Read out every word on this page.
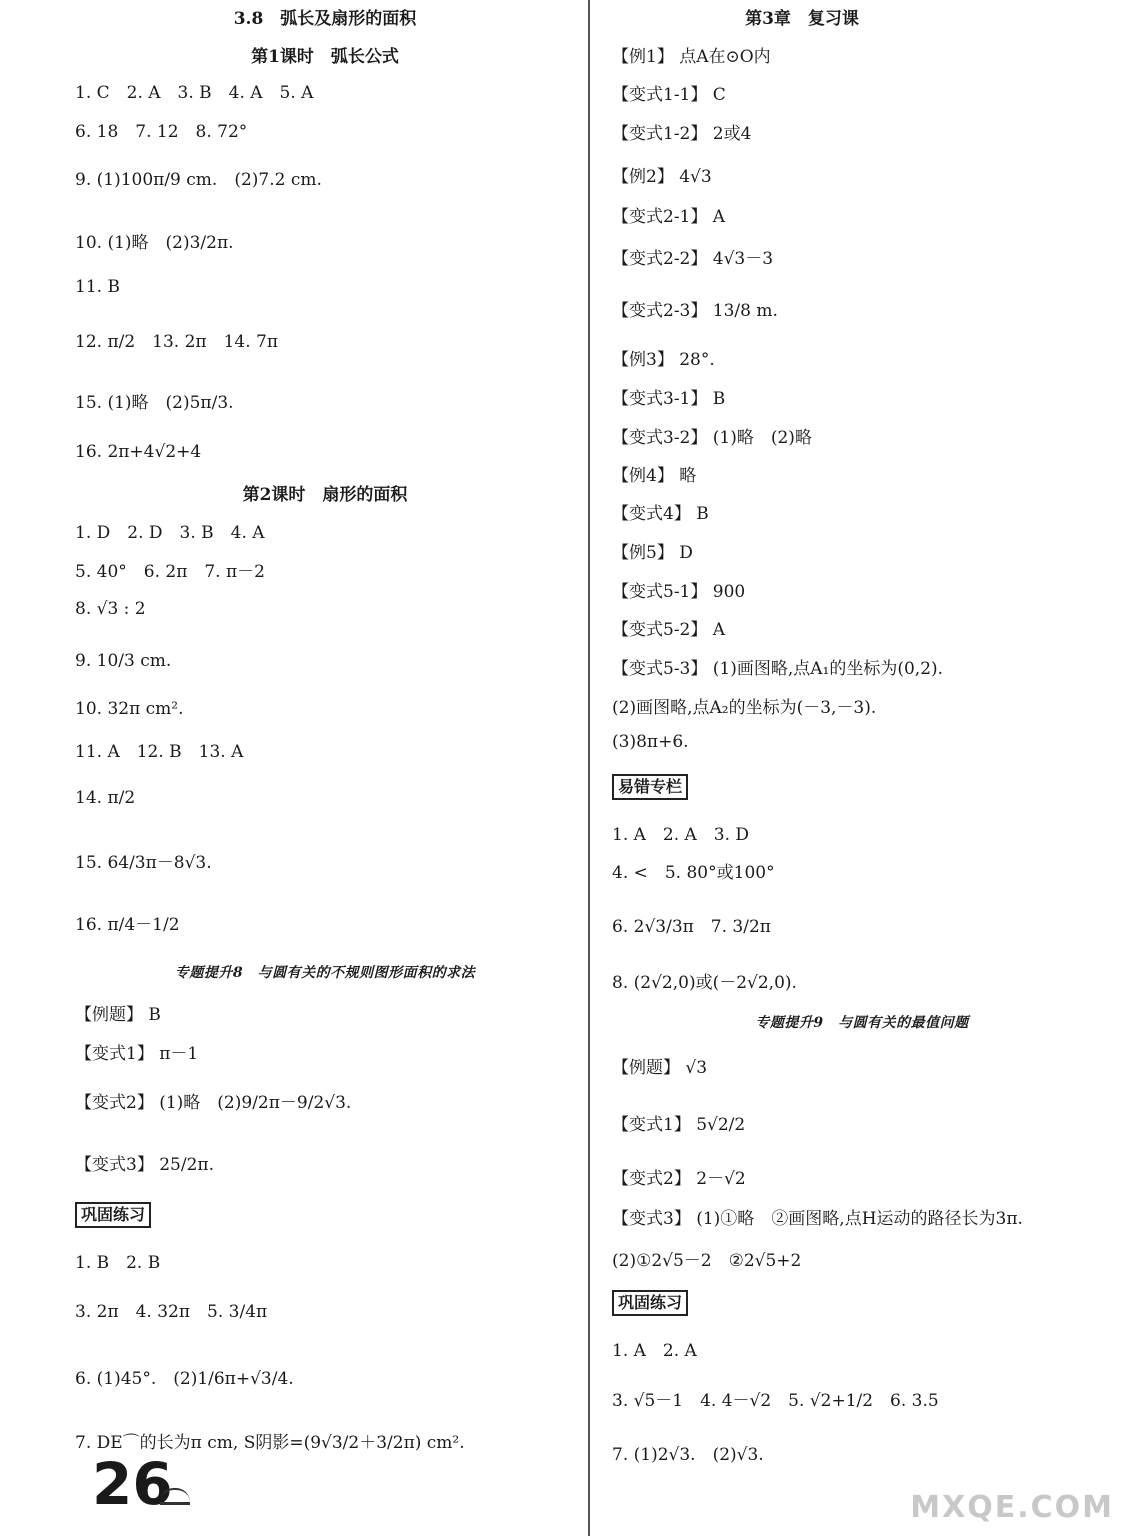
3.8　弧长及扇形的面积
第1课时　弧长公式
1. C　2. A　3. B　4. A　5. A
6. 18　7. 12　8. 72°
9. (1)100π/9 cm.　(2)7.2 cm.
10. (1)略　(2)3/2π.
11. B
12. π/2　13. 2π　14. 7π
15. (1)略　(2)5π/3.
16. 2π+4√2+4
第2课时　扇形的面积
1. D　2. D　3. B　4. A
5. 40°　6. 2π　7. π－2
8. √3 : 2
9. 10/3 cm.
10. 32π cm².
11. A　12. B　13. A
14. π/2
15. 64/3π－8√3.
16. π/4－1/2
专题提升8　与圆有关的不规则图形面积的求法
【例题】 B
【变式1】 π－1
【变式2】 (1)略　(2)9/2π－9/2√3.
【变式3】 25/2π.
巩固练习
1. B　2. B
3. 2π　4. 32π　5. 3/4π
6. (1)45°.　(2)1/6π+√3/4.
7. DE⌒的长为π cm, S阴影=(9√3/2＋3/2π) cm².
第3章　复习课
【例1】 点A在⊙O内
【变式1-1】 C
【变式1-2】 2或4
【例2】 4√3
【变式2-1】 A
【变式2-2】 4√3－3
【变式2-3】 13/8 m.
【例3】 28°.
【变式3-1】 B
【变式3-2】 (1)略　(2)略
【例4】 略
【变式4】 B
【例5】 D
【变式5-1】 900
【变式5-2】 A
【变式5-3】 (1)画图略,点A₁的坐标为(0,2).
(2)画图略,点A₂的坐标为(－3,－3).
(3)8π+6.
易错专栏
1. A　2. A　3. D
4. <　5. 80°或100°
6. 2√3/3π　7. 3/2π
8. (2√2,0)或(－2√2,0).
专题提升9　与圆有关的最值问题
【例题】 √3
【变式1】 5√2/2
【变式2】 2－√2
【变式3】 (1)①略　②画图略,点H运动的路径长为3π.
(2)①2√5－2　②2√5+2
巩固练习
1. A　2. A
3. √5－1　4. 4－√2　5. √2+1/2　6. 3.5
7. (1)2√3.　(2)√3.
26	MXQE.COM
